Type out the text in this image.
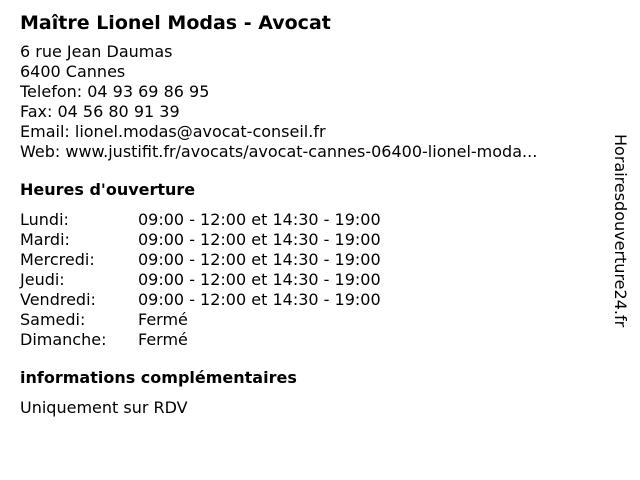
Maître Lionel Modas - Avocat
6 rue Jean Daumas
6400 Cannes
Telefon: 04 93 69 86 95
Fax: 04 56 80 91 39
Email: lionel.modas@avocat-conseil.fr
Web: www.justifit.fr/avocats/avocat-cannes-06400-lionel-moda...
Heures d'ouverture
Lundi:	09:00 - 12:00 et 14:30 - 19:00
Mardi:	09:00 - 12:00 et 14:30 - 19:00
Mercredi:	09:00 - 12:00 et 14:30 - 19:00
Jeudi:	09:00 - 12:00 et 14:30 - 19:00
Vendredi:	09:00 - 12:00 et 14:30 - 19:00
Samedi:	Fermé
Dimanche:	Fermé
informations complémentaires
Uniquement sur RDV
Horairesdouverture24.fr
